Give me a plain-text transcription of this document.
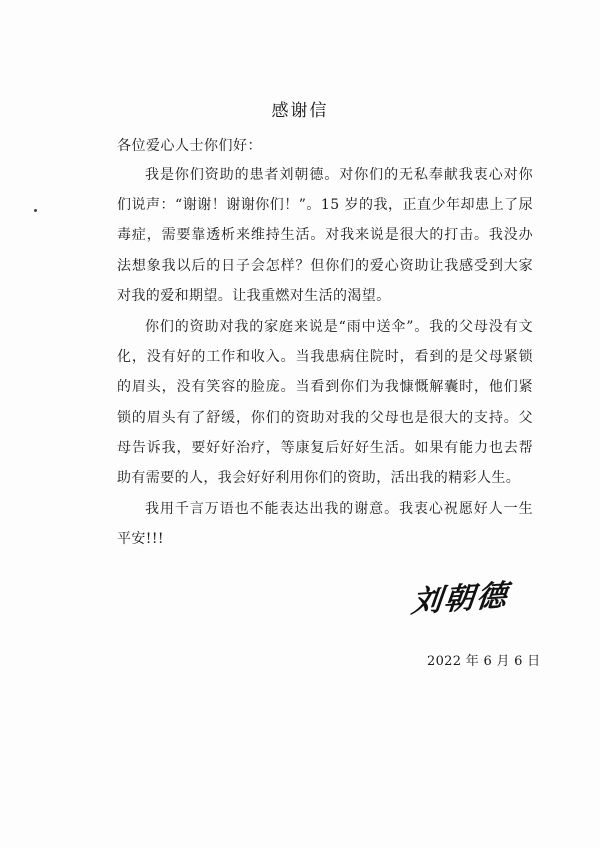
感谢信
各位爱心人士你们好：
我是你们资助的患者刘朝德。对你们的无私奉献我衷心对你们说声：“谢谢！谢谢你们！”。15 岁的我，正直少年却患上了尿毒症，需要靠透析来维持生活。对我来说是很大的打击。我没办法想象我以后的日子会怎样？但你们的爱心资助让我感受到大家对我的爱和期望。让我重燃对生活的渴望。
你们的资助对我的家庭来说是“雨中送伞”。我的父母没有文化，没有好的工作和收入。当我患病住院时，看到的是父母紧锁的眉头，没有笑容的脸庞。当看到你们为我慷慨解囊时，他们紧锁的眉头有了舒缓，你们的资助对我的父母也是很大的支持。父母告诉我，要好好治疗，等康复后好好生活。如果有能力也去帮助有需要的人，我会好好利用你们的资助，活出我的精彩人生。
我用千言万语也不能表达出我的谢意。我衷心祝愿好人一生平安!!!
刘朝德
2022 年 6 月 6 日
